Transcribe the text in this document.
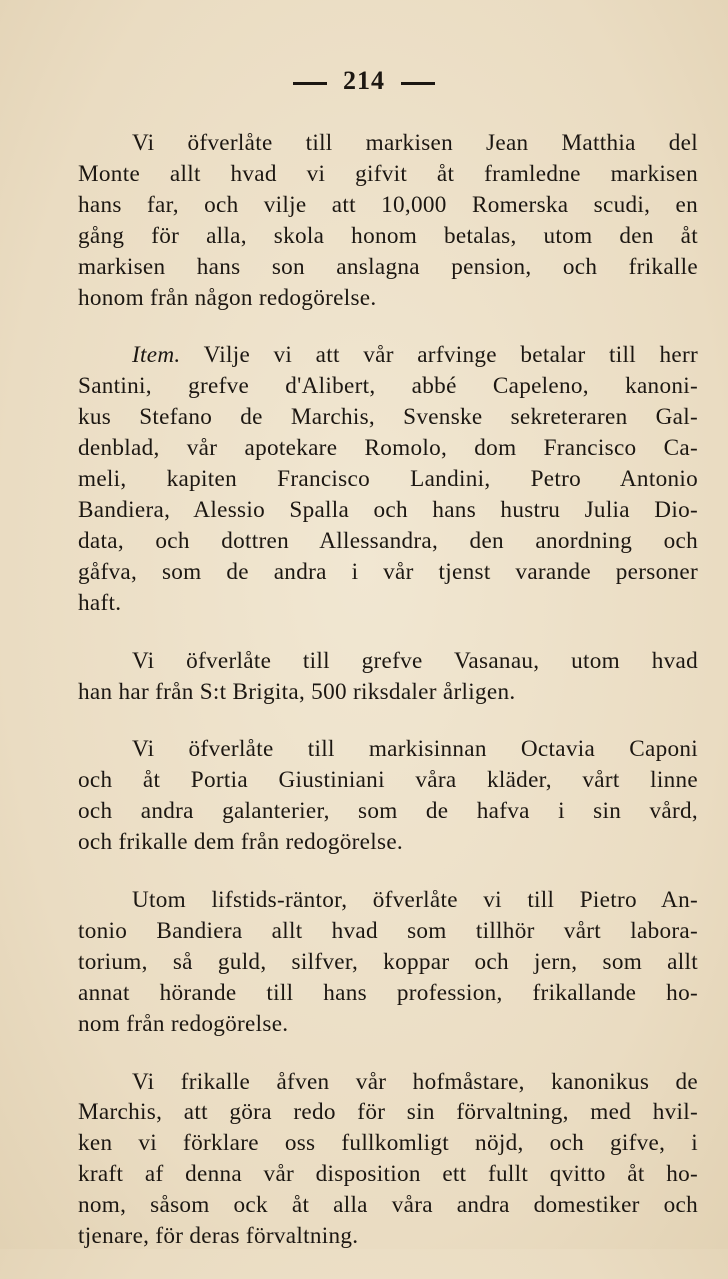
214
Vi öfverlåte till markisen Jean Matthia del
Monte allt hvad vi gifvit åt framledne markisen
hans far, och vilje att 10,000 Romerska scudi, en
gång för alla, skola honom betalas, utom den åt
markisen hans son anslagna pension, och frikalle
honom från någon redogörelse.
Item. Vilje vi att vår arfvinge betalar till herr
Santini, grefve d'Alibert, abbé Capeleno, kanoni-
kus Stefano de Marchis, Svenske sekreteraren Gal-
denblad, vår apotekare Romolo, dom Francisco Ca-
meli, kapiten Francisco Landini, Petro Antonio
Bandiera, Alessio Spalla och hans hustru Julia Dio-
data, och dottren Allessandra, den anordning och
gåfva, som de andra i vår tjenst varande personer
haft.
Vi öfverlåte till grefve Vasanau, utom hvad
han har från S:t Brigita, 500 riksdaler årligen.
Vi öfverlåte till markisinnan Octavia Caponi
och åt Portia Giustiniani våra kläder, vårt linne
och andra galanterier, som de hafva i sin vård,
och frikalle dem från redogörelse.
Utom lifstids-räntor, öfverlåte vi till Pietro An-
tonio Bandiera allt hvad som tillhör vårt labora-
torium, så guld, silfver, koppar och jern, som allt
annat hörande till hans profession, frikallande ho-
nom från redogörelse.
Vi frikalle åfven vår hofmåstare, kanonikus de
Marchis, att göra redo för sin förvaltning, med hvil-
ken vi förklare oss fullkomligt nöjd, och gifve, i
kraft af denna vår disposition ett fullt qvitto åt ho-
nom, såsom ock åt alla våra andra domestiker och
tjenare, för deras förvaltning.
